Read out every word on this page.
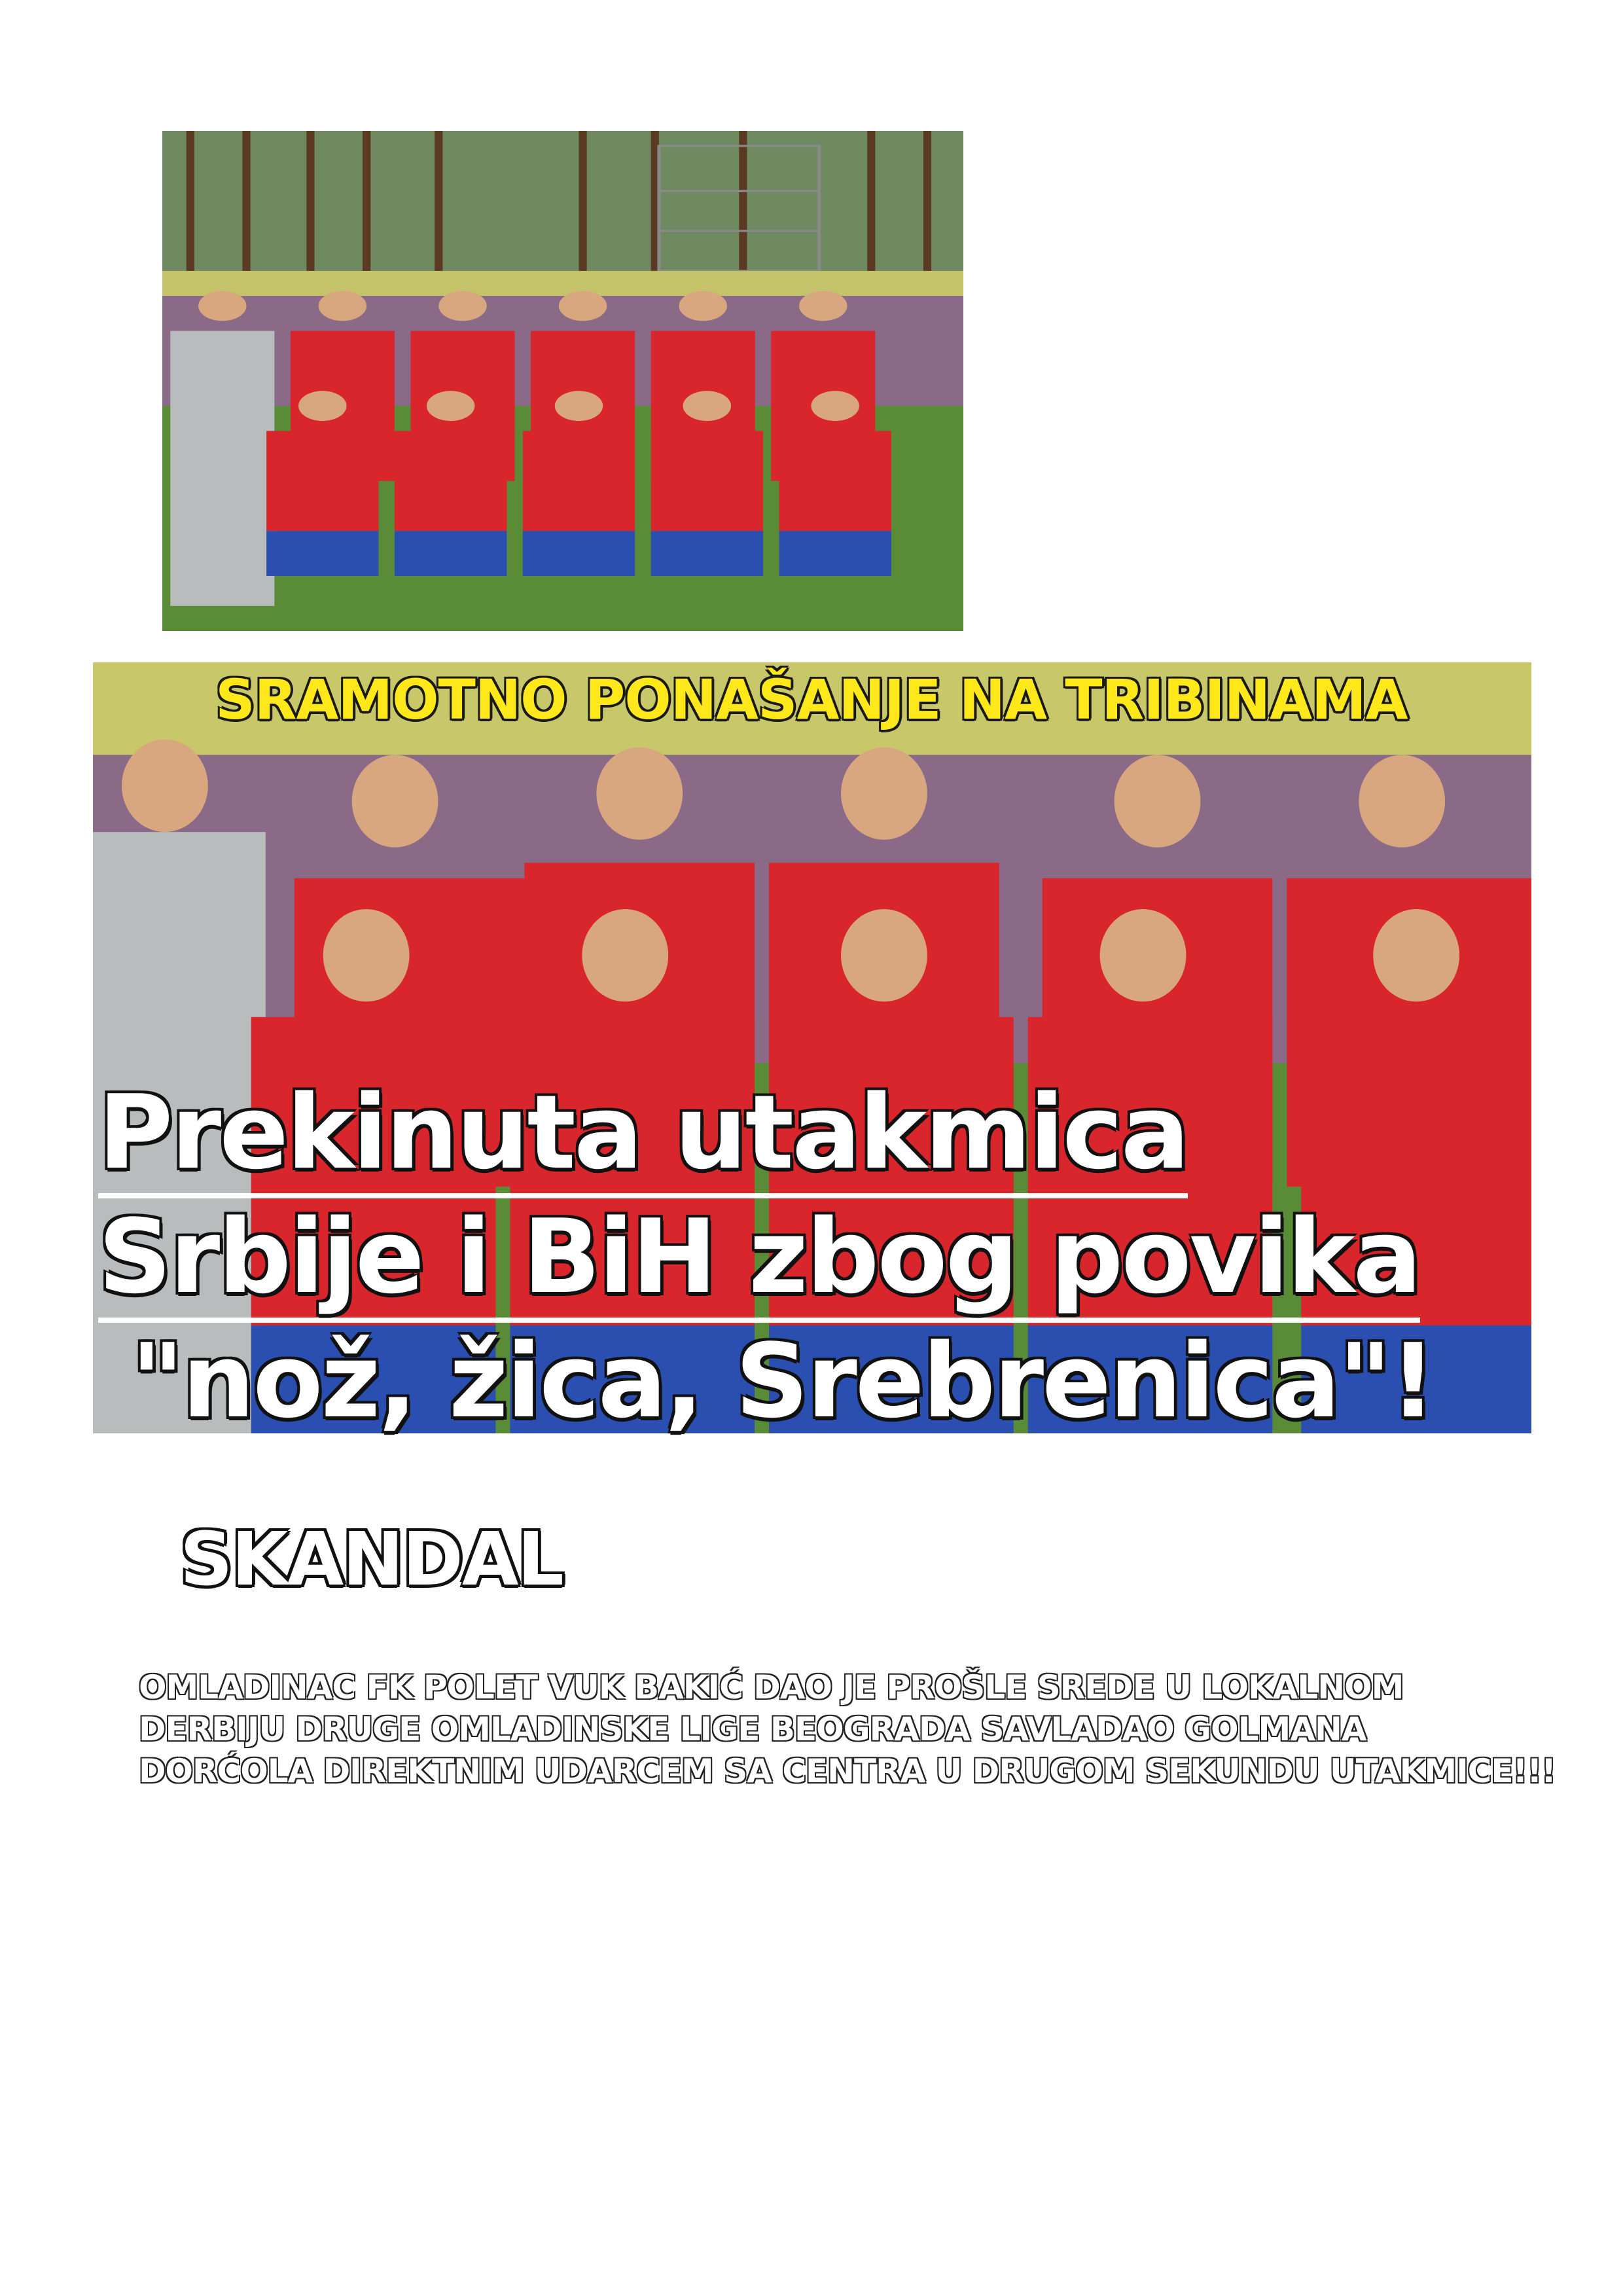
SRAMOTNO PONAŠANJE NA TRIBINAMA
Prekinuta utakmica
Srbije i BiH zbog povika
"nož, žica, Srebrenica"!
SKANDAL
OMLADINAC FK POLET VUK BAKIĆ DAO JE PROŠLE SREDE U LOKALNOM
DERBIJU DRUGE OMLADINSKE LIGE BEOGRADA SAVLADAO GOLMANA
DORĆOLA DIREKTNIM UDARCEM SA CENTRA U DRUGOM SEKUNDU UTAKMICE!!!
